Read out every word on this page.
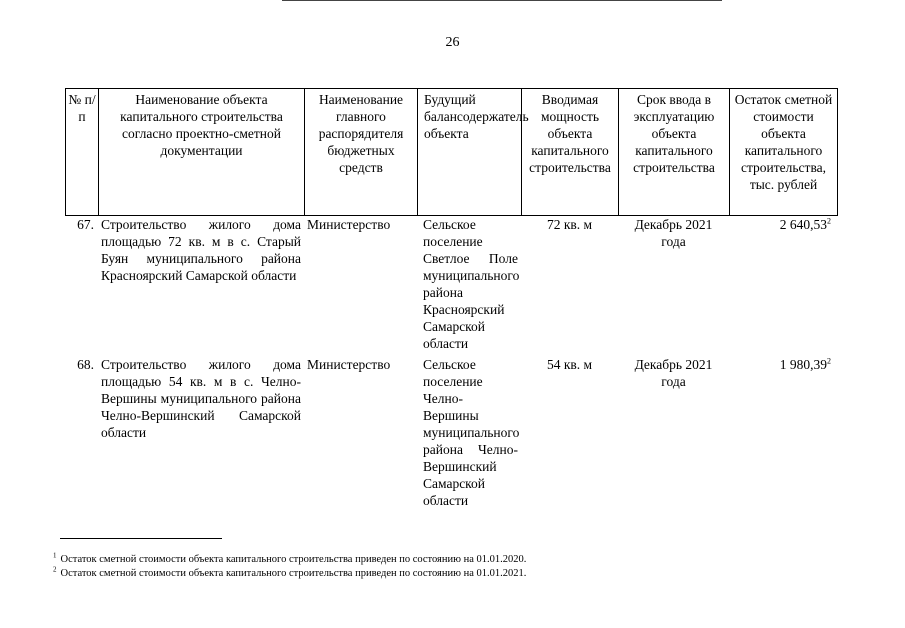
26
№ п/п	Наименование объекта капитального строительства согласно проектно-сметной документации	Наименование главного распорядителя бюджетных средств	Будущий балансодержатель объекта	Вводимая мощность объекта капитального строительства	Срок ввода в эксплуатацию объекта капитального строительства	Остаток сметной стоимости объекта капитального строительства, тыс. рублей
67.	Строительство жилого дома площадью 72 кв. м в с. Старый Буян муниципального района Красноярский Самарской области	Министерство	Сельское поселение Светлое Поле муниципального района Красноярский Самарской области	72 кв. м	Декабрь 2021 года	2 640,53$^2$
68.	Строительство жилого дома площадью 54 кв. м в с. Челно-Вершины муниципального района Челно-Вершинский Самарской области	Министерство	Сельское поселение Челно-Вершины муниципального района Челно-Вершинский Самарской области	54 кв. м	Декабрь 2021 года	1 980,39$^2$
$^1$ Остаток сметной стоимости объекта капитального строительства приведен по состоянию на 01.01.2020.
$^2$ Остаток сметной стоимости объекта капитального строительства приведен по состоянию на 01.01.2021.
